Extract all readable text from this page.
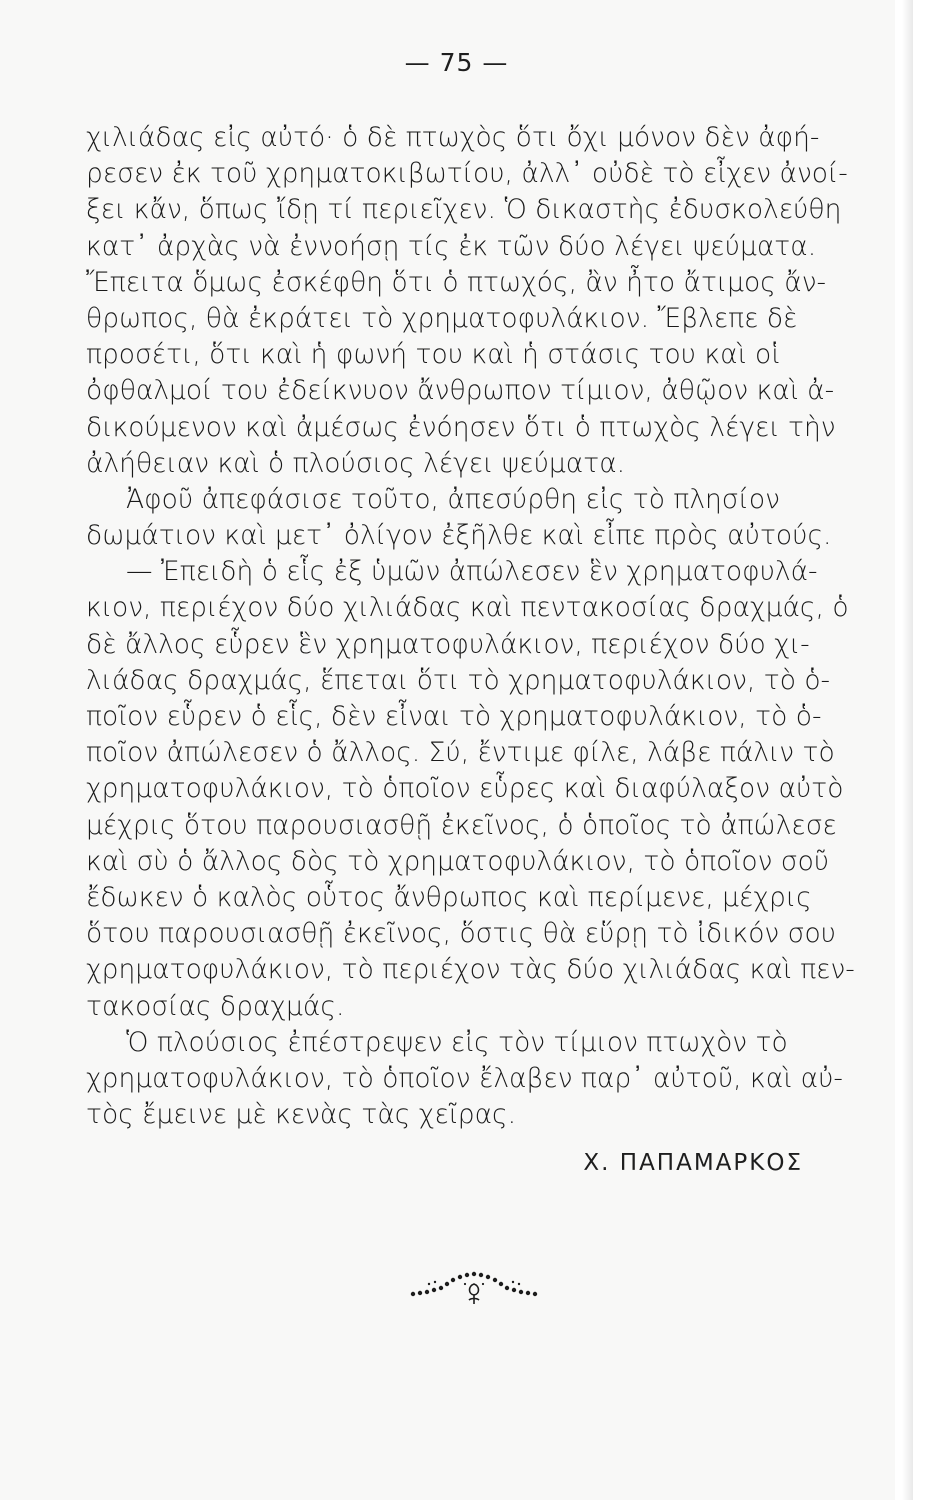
— 75 —
χιλιάδας εἰς αὐτό· ὁ δὲ πτωχὸς ὅτι ὄχι μόνον δὲν ἀφή-
ρεσεν ἐκ τοῦ χρηματοκιβωτίου, ἀλλ᾽ οὐδὲ τὸ εἶχεν ἀνοί-
ξει κἄν, ὅπως ἴδῃ τί περιεῖχεν. Ὁ δικαστὴς ἐδυσκολεύθη
κατ᾽ ἀρχὰς νὰ ἐννοήσῃ τίς ἐκ τῶν δύο λέγει ψεύματα.
Ἔπειτα ὅμως ἐσκέφθη ὅτι ὁ πτωχός, ἂν ἦτο ἄτιμος ἄν-
θρωπος, θὰ ἐκράτει τὸ χρηματοφυλάκιον. Ἔβλεπε δὲ
προσέτι, ὅτι καὶ ἡ φωνή του καὶ ἡ στάσις του καὶ οἱ
ὀφθαλμοί του ἐδείκνυον ἄνθρωπον τίμιον, ἀθῷον καὶ ἀ-
δικούμενον καὶ ἀμέσως ἐνόησεν ὅτι ὁ πτωχὸς λέγει τὴν
ἀλήθειαν καὶ ὁ πλούσιος λέγει ψεύματα.
Ἀφοῦ ἀπεφάσισε τοῦτο, ἀπεσύρθη εἰς τὸ πλησίον
δωμάτιον καὶ μετ᾽ ὀλίγον ἐξῆλθε καὶ εἶπε πρὸς αὐτούς.
— Ἐπειδὴ ὁ εἷς ἐξ ὑμῶν ἀπώλεσεν ἓν χρηματοφυλά-
κιον, περιέχον δύο χιλιάδας καὶ πεντακοσίας δραχμάς, ὁ
δὲ ἄλλος εὗρεν ἓν χρηματοφυλάκιον, περιέχον δύο χι-
λιάδας δραχμάς, ἕπεται ὅτι τὸ χρηματοφυλάκιον, τὸ ὁ-
ποῖον εὗρεν ὁ εἷς, δὲν εἶναι τὸ χρηματοφυλάκιον, τὸ ὁ-
ποῖον ἀπώλεσεν ὁ ἄλλος. Σύ, ἔντιμε φίλε, λάβε πάλιν τὸ
χρηματοφυλάκιον, τὸ ὁποῖον εὗρες καὶ διαφύλαξον αὐτὸ
μέχρις ὅτου παρουσιασθῇ ἐκεῖνος, ὁ ὁποῖος τὸ ἀπώλεσε
καὶ σὺ ὁ ἄλλος δὸς τὸ χρηματοφυλάκιον, τὸ ὁποῖον σοῦ
ἔδωκεν ὁ καλὸς οὗτος ἄνθρωπος καὶ περίμενε, μέχρις
ὅτου παρουσιασθῇ ἐκεῖνος, ὅστις θὰ εὕρῃ τὸ ἰδικόν σου
χρηματοφυλάκιον, τὸ περιέχον τὰς δύο χιλιάδας καὶ πεν-
τακοσίας δραχμάς.
Ὁ πλούσιος ἐπέστρεψεν εἰς τὸν τίμιον πτωχὸν τὸ
χρηματοφυλάκιον, τὸ ὁποῖον ἔλαβεν παρ᾽ αὐτοῦ, καὶ αὐ-
τὸς ἔμεινε μὲ κενὰς τὰς χεῖρας.
Χ. ΠΑΠΑΜΑΡΚΟΣ
